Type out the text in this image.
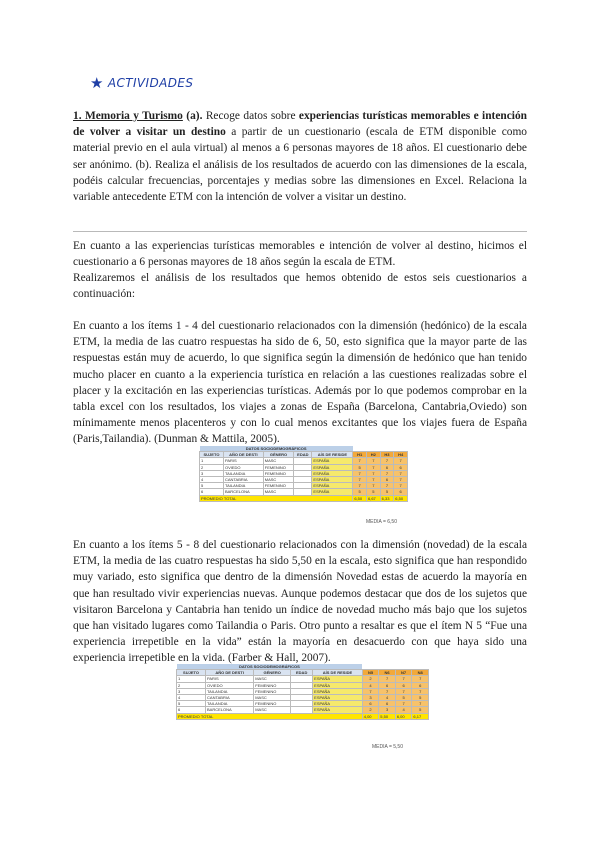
★ ACTIVIDADES

1. Memoria y Turismo (a). Recoge datos sobre experiencias turísticas memorables e intención de volver a visitar un destino a partir de un cuestionario (escala de ETM disponible como material previo en el aula virtual) al menos a 6 personas mayores de 18 años. El cuestionario debe ser anónimo. (b). Realiza el análisis de los resultados de acuerdo con las dimensiones de la escala, podéis calcular frecuencias, porcentajes y medias sobre las dimensiones en Excel. Relaciona la variable antecedente ETM con la intención de volver a visitar un destino.

En cuanto a las experiencias turísticas memorables e intención de volver al destino, hicimos el cuestionario a 6 personas mayores de 18 años según la escala de ETM.

Realizaremos el análisis de los resultados que hemos obtenido de estos seis cuestionarios a continuación:

En cuanto a los ítems 1 - 4 del cuestionario relacionados con la dimensión (hedónico) de la escala ETM, la media de las cuatro respuestas ha sido de 6, 50, esto significa que la mayor parte de las respuestas están muy de acuerdo, lo que significa según la dimensión de hedónico que han tenido mucho placer en cuanto a la experiencia turística en relación a las cuestiones realizadas sobre el placer y la excitación en las experiencias turísticas. Además por lo que podemos comprobar en la tabla excel con los resultados, los viajes a zonas de España (Barcelona, Cantabria,Oviedo) son mínimamente menos placenteros y con lo cual menos excitantes que los viajes fuera de España (Paris,Tailandia). (Dunman & Mattila, 2005).

DATOS SOCIODEMOGRÁFICOS								
SUJETO	AÑO DE DESTI	GÉNERO	EDAD	AÍS DE RESIDE	H1	H2	H3	H4
1	PARIS	MASC		ESPAÑA	7	7	7	7
2	OVIEDO	FEMENINO		ESPAÑA	5	7	6	6
3	TAILANDIA	FEMENINO		ESPAÑA	7	7	7	7
4	CANTABRIA	MASC		ESPAÑA	7	7	6	7
5	TAILANDIA	FEMENINO		ESPAÑA	7	7	7	7
6	BARCELONA	MASC		ESPAÑA	5	5	5	6
PROMEDIO TOTAL					6,50	6,67	6,33	6,50
MEDIA = 6,50

En cuanto a los ítems 5 - 8 del cuestionario relacionados con la dimensión (novedad) de la escala ETM, la media de las cuatro respuestas ha sido 5,50 en la escala, esto significa que han respondido muy variado, esto significa que dentro de la dimensión Novedad estas de acuerdo la mayoría en que han resultado vivir experiencias nuevas. Aunque podemos destacar que dos de los sujetos que visitaron Barcelona y Cantabria han tenido un índice de novedad mucho más bajo que los sujetos que han visitado lugares como Tailandia o Paris. Otro punto a resaltar es que el ítem N 5 “Fue una experiencia irrepetible en la vida” están la mayoría en desacuerdo con que haya sido una experiencia irrepetible en la vida. (Farber & Hall, 2007).

DATOS SOCIODEMOGRÁFICOS								
SUJETO	AÑO DE DESTI	GÉNERO	EDAD	AÍS DE RESIDE	N5	N6	N7	N8
1	PARIS	MASC		ESPAÑA	2	7	7	7
2	OVIEDO	FEMENINO		ESPAÑA	4	6	6	6
3	TAILANDIA	FEMENINO		ESPAÑA	7	7	7	7
4	CANTABRIA	MASC		ESPAÑA	3	4	5	5
5	TAILANDIA	FEMENINO		ESPAÑA	6	6	7	7
6	BARCELONA	MASC		ESPAÑA	2	3	4	5
PROMEDIO TOTAL					4,00	5,50	6,00	6,17
MEDIA = 5,50
